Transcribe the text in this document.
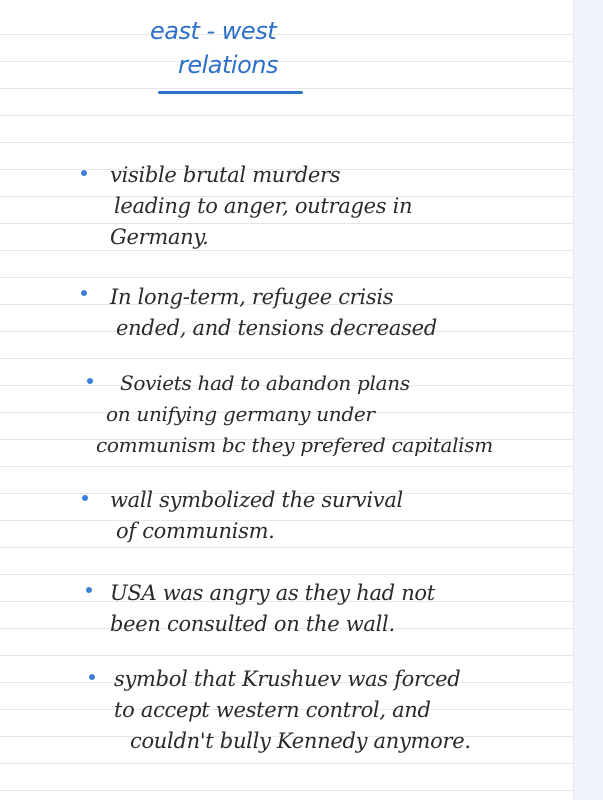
east - west
relations
visible brutal murders
leading to anger, outrages in
Germany.
In long-term, refugee crisis
ended, and tensions decreased
Soviets had to abandon plans
on unifying germany under
communism bc they prefered capitalism
wall symbolized the survival
of communism.
USA was angry as they had not
been consulted on the wall.
symbol that Krushuev was forced
to accept western control, and
couldn't bully Kennedy anymore.
